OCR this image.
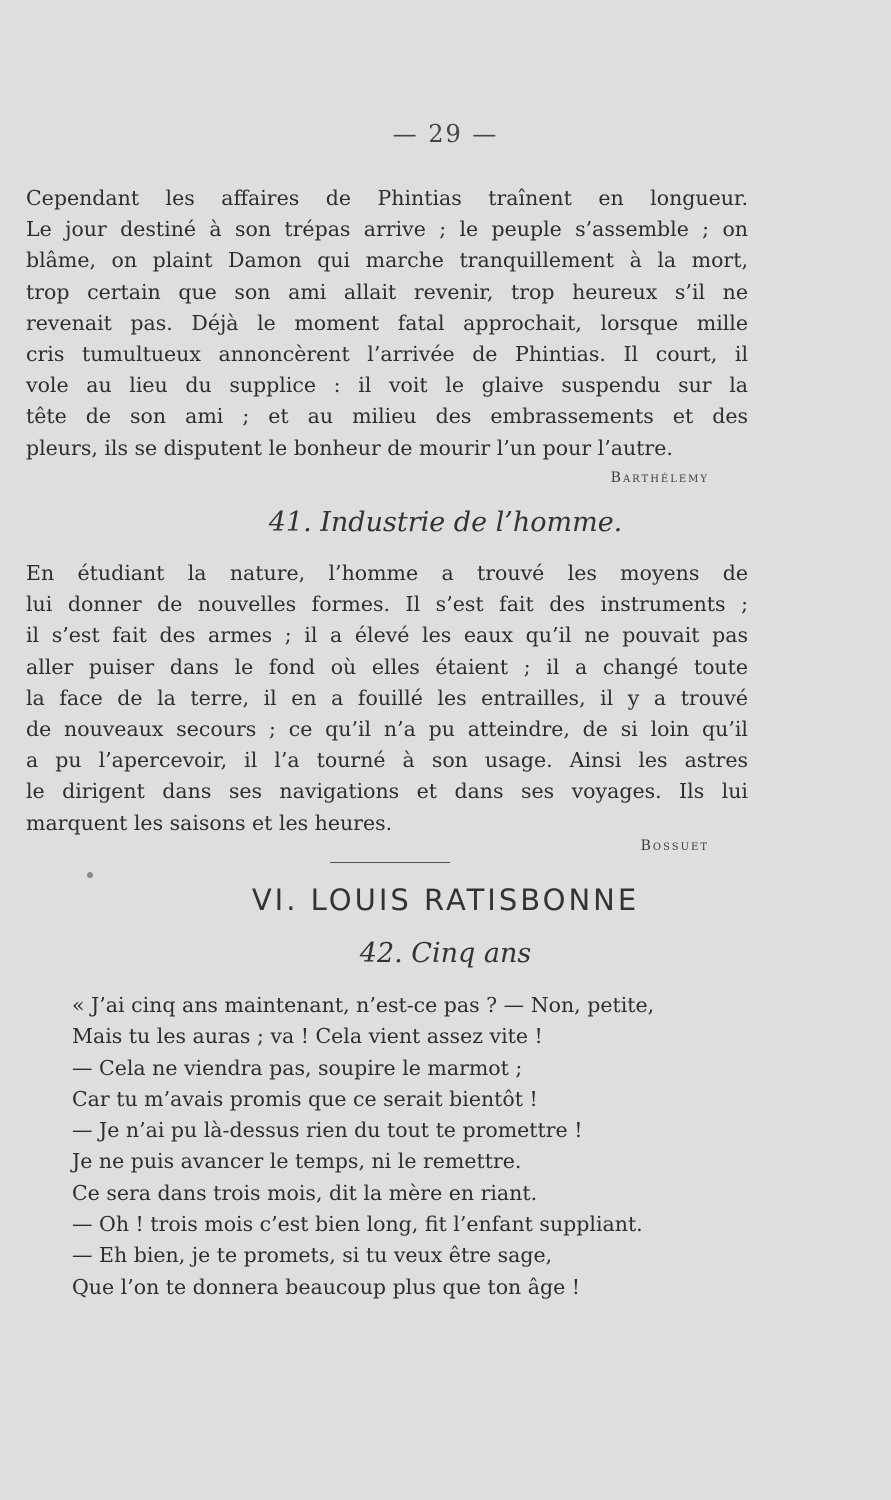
— 29 —
Cependant les affaires de Phintias traînent en longueur.
Le jour destiné à son trépas arrive ; le peuple s’assemble ; on
blâme, on plaint Damon qui marche tranquillement à la mort,
trop certain que son ami allait revenir, trop heureux s’il ne
revenait pas. Déjà le moment fatal approchait, lorsque mille
cris tumultueux annoncèrent l’arrivée de Phintias. Il court, il
vole au lieu du supplice : il voit le glaive suspendu sur la
tête de son ami ; et au milieu des embrassements et des
pleurs, ils se disputent le bonheur de mourir l’un pour l’autre.
Barthélemy
41. Industrie de l’homme.
En étudiant la nature, l’homme a trouvé les moyens de
lui donner de nouvelles formes. Il s’est fait des instruments ;
il s’est fait des armes ; il a élevé les eaux qu’il ne pouvait pas
aller puiser dans le fond où elles étaient ; il a changé toute
la face de la terre, il en a fouillé les entrailles, il y a trouvé
de nouveaux secours ; ce qu’il n’a pu atteindre, de si loin qu’il
a pu l’apercevoir, il l’a tourné à son usage. Ainsi les astres
le dirigent dans ses navigations et dans ses voyages. Ils lui
marquent les saisons et les heures.
Bossuet
VI. LOUIS RATISBONNE
42. Cinq ans
« J’ai cinq ans maintenant, n’est-ce pas ? — Non, petite,
Mais tu les auras ; va ! Cela vient assez vite !
— Cela ne viendra pas, soupire le marmot ;
Car tu m’avais promis que ce serait bientôt !
— Je n’ai pu là-dessus rien du tout te promettre !
Je ne puis avancer le temps, ni le remettre.
Ce sera dans trois mois, dit la mère en riant.
— Oh ! trois mois c’est bien long, fit l’enfant suppliant.
— Eh bien, je te promets, si tu veux être sage,
Que l’on te donnera beaucoup plus que ton âge !
